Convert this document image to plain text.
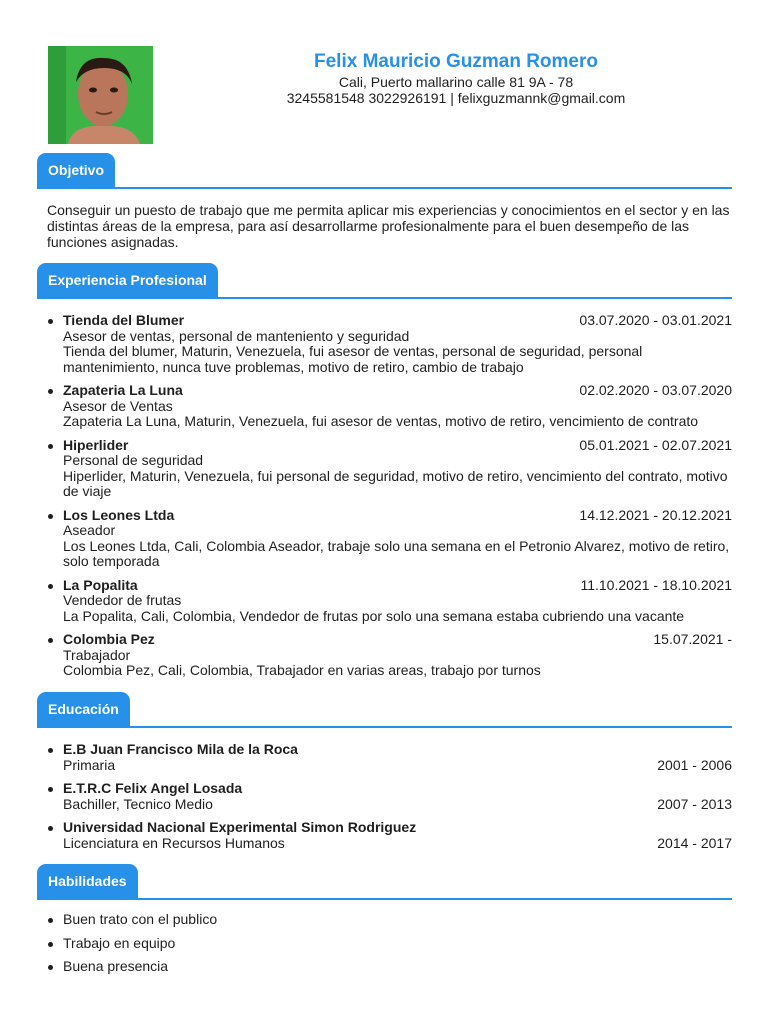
Felix Mauricio Guzman Romero
Cali, Puerto mallarino calle 81 9A - 78
3245581548 3022926191 | felixguzmannk@gmail.com
Objetivo
Conseguir un puesto de trabajo que me permita aplicar mis experiencias y conocimientos en el sector y en las distintas áreas de la empresa, para así desarrollarme profesionalmente para el buen desempeño de las funciones asignadas.
Experiencia Profesional
Tienda del Blumer	03.07.2020 - 03.01.2021
Asesor de ventas, personal de manteniento y seguridad
Tienda del blumer, Maturin, Venezuela, fui asesor de ventas, personal de seguridad, personal mantenimiento, nunca tuve problemas, motivo de retiro, cambio de trabajo
Zapateria La Luna	02.02.2020 - 03.07.2020
Asesor de Ventas
Zapateria La Luna, Maturin, Venezuela, fui asesor de ventas, motivo de retiro, vencimiento de contrato
Hiperlider	05.01.2021 - 02.07.2021
Personal de seguridad
Hiperlider, Maturin, Venezuela, fui personal de seguridad, motivo de retiro, vencimiento del contrato, motivo de viaje
Los Leones Ltda	14.12.2021 - 20.12.2021
Aseador
Los Leones Ltda, Cali, Colombia Aseador, trabaje solo una semana en el Petronio Alvarez, motivo de retiro, solo temporada
La Popalita	11.10.2021 - 18.10.2021
Vendedor de frutas
La Popalita, Cali, Colombia, Vendedor de frutas por solo una semana estaba cubriendo una vacante
Colombia Pez	15.07.2021 -
Trabajador
Colombia Pez, Cali, Colombia, Trabajador en varias areas, trabajo por turnos
Educación
E.B Juan Francisco Mila de la Roca
Primaria	2001 - 2006
E.T.R.C Felix Angel Losada
Bachiller, Tecnico Medio	2007 - 2013
Universidad Nacional Experimental Simon Rodriguez
Licenciatura en Recursos Humanos	2014 - 2017
Habilidades
Buen trato con el publico
Trabajo en equipo
Buena presencia
